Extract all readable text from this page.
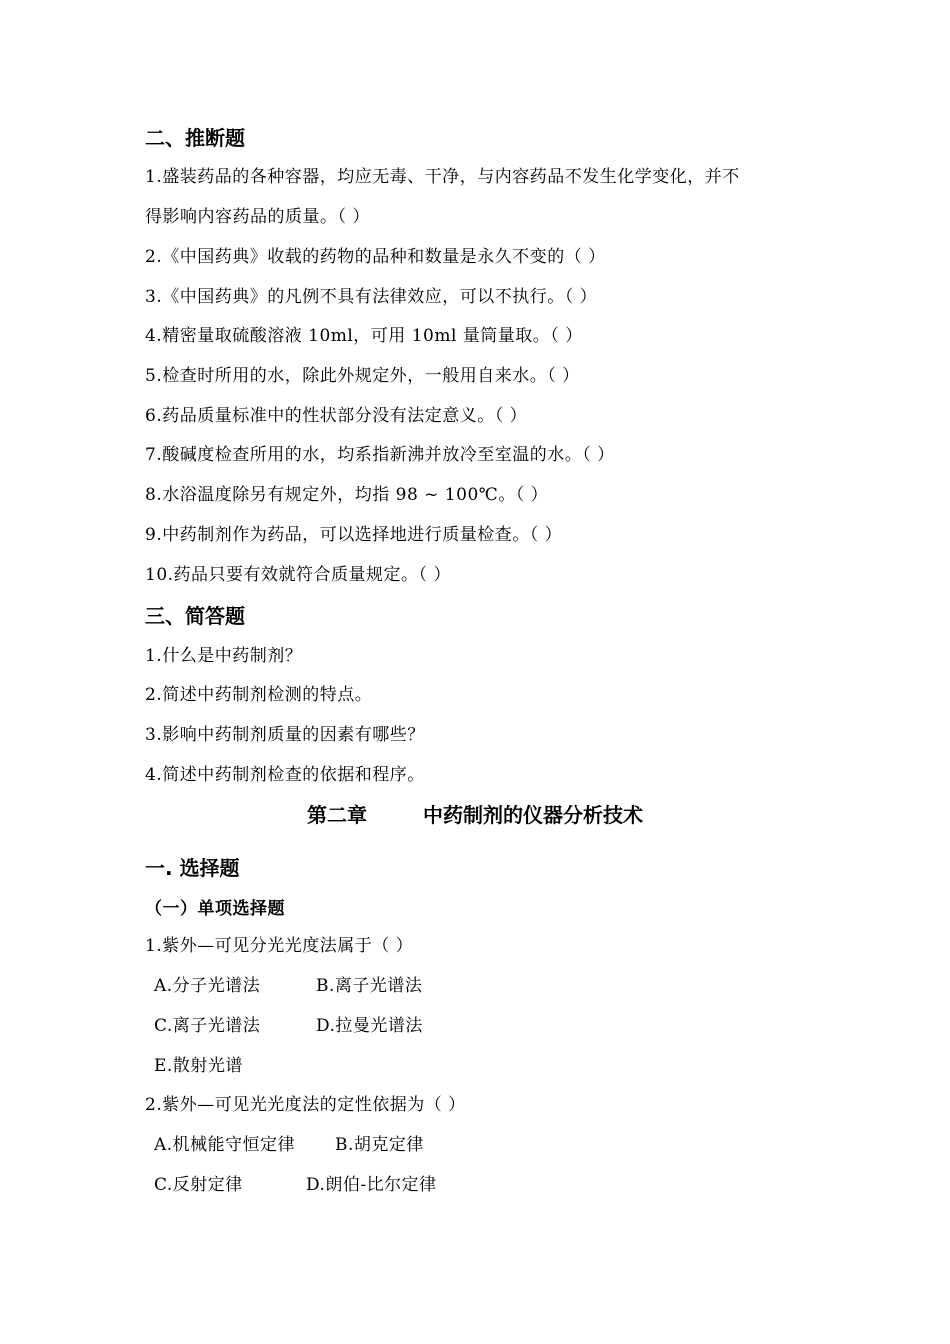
二、推断题
1.盛装药品的各种容器，均应无毒、干净，与内容药品不发生化学变化，并不
得影响内容药品的质量。（ ）
2.《中国药典》收载的药物的品种和数量是永久不变的（ ）
3.《中国药典》的凡例不具有法律效应，可以不执行。（ ）
4.精密量取硫酸溶液 10ml，可用 10ml 量筒量取。（ ）
5.检查时所用的水，除此外规定外，一般用自来水。（ ）
6.药品质量标准中的性状部分没有法定意义。（ ）
7.酸碱度检查所用的水，均系指新沸并放冷至室温的水。（ ）
8.水浴温度除另有规定外，均指 98 ~ 100℃。（ ）
9.中药制剂作为药品，可以选择地进行质量检查。（ ）
10.药品只要有效就符合质量规定。（ ）
三、简答题
1.什么是中药制剂？
2.简述中药制剂检测的特点。
3.影响中药制剂质量的因素有哪些？
4.简述中药制剂检查的依据和程序。
第二章	中药制剂的仪器分析技术
一. 选择题
（一）单项选择题
1.紫外—可见分光光度法属于（ ）
A.分子光谱法	B.离子光谱法
C.离子光谱法	D.拉曼光谱法
E.散射光谱
2.紫外—可见光光度法的定性依据为（ ）
A.机械能守恒定律 B.胡克定律
C.反射定律	D.朗伯-比尔定律
